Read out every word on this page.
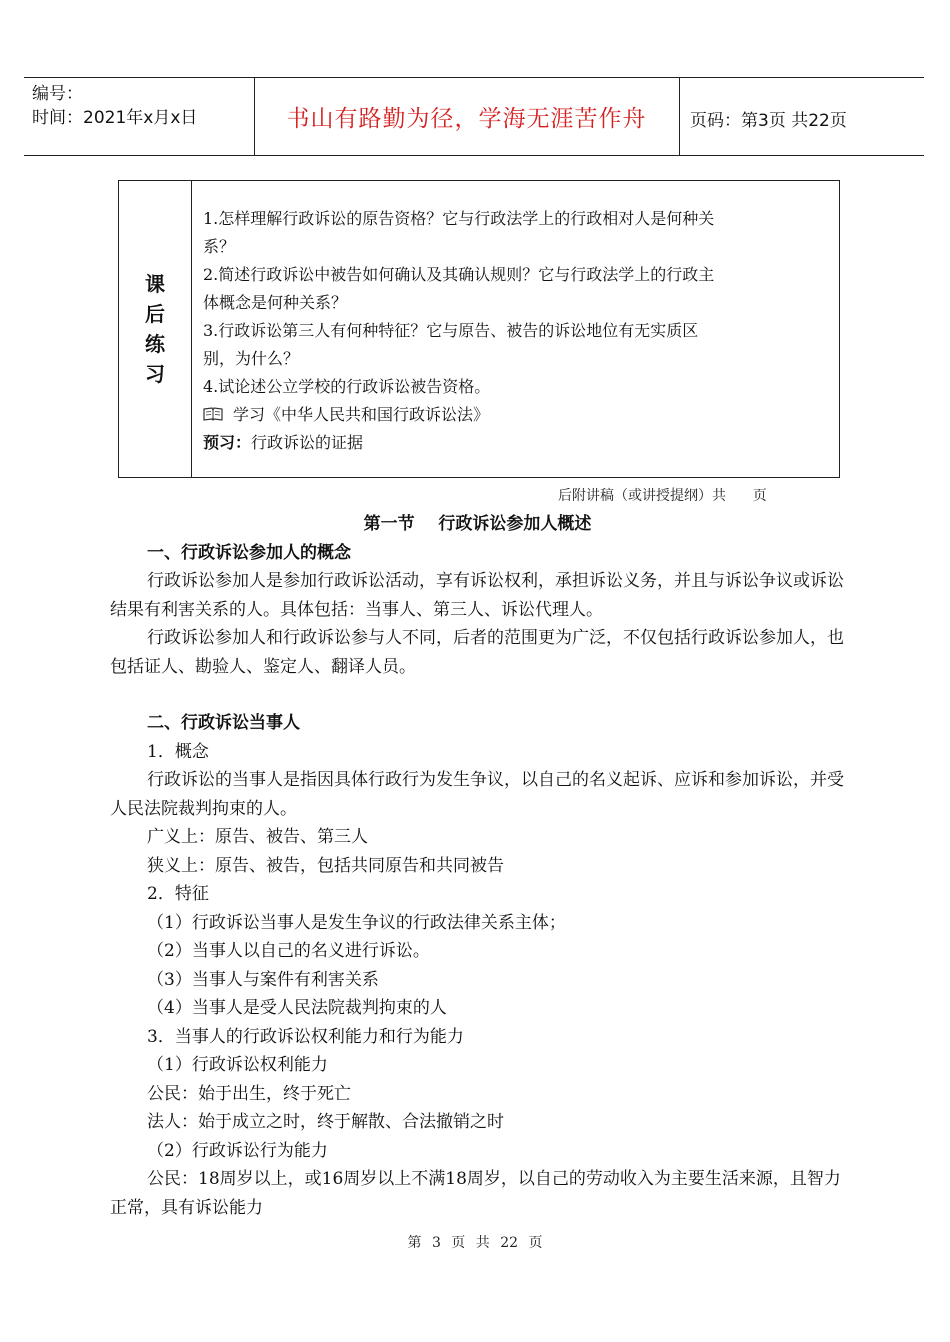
编号：
时间：2021年x月x日	书山有路勤为径，学海无涯苦作舟	页码：第3页 共22页
课
后
练
习

1.怎样理解行政诉讼的原告资格？它与行政法学上的行政相对人是何种关

系？

2.简述行政诉讼中被告如何确认及其确认规则？它与行政法学上的行政主

体概念是何种关系？

3.行政诉讼第三人有何种特征？它与原告、被告的诉讼地位有无实质区

别，为什么？

4.试论述公立学校的行政诉讼被告资格。

学习《中华人民共和国行政诉讼法》

预习：行政诉讼的证据

后附讲稿（或讲授提纲）共      页

第一节    行政诉讼参加人概述

一、行政诉讼参加人的概念

行政诉讼参加人是参加行政诉讼活动，享有诉讼权利，承担诉讼义务，并且与诉讼争议或诉讼结果有利害关系的人。具体包括：当事人、第三人、诉讼代理人。

行政诉讼参加人和行政诉讼参与人不同，后者的范围更为广泛，不仅包括行政诉讼参加人，也包括证人、勘验人、鉴定人、翻译人员。

二、行政诉讼当事人

1．概念

行政诉讼的当事人是指因具体行政行为发生争议，以自己的名义起诉、应诉和参加诉讼，并受人民法院裁判拘束的人。

广义上：原告、被告、第三人

狭义上：原告、被告，包括共同原告和共同被告

2．特征

（1）行政诉讼当事人是发生争议的行政法律关系主体；

（2）当事人以自己的名义进行诉讼。

（3）当事人与案件有利害关系

（4）当事人是受人民法院裁判拘束的人

3．当事人的行政诉讼权利能力和行为能力

（1）行政诉讼权利能力

公民：始于出生，终于死亡

法人：始于成立之时，终于解散、合法撤销之时

（2）行政诉讼行为能力

公民：18周岁以上，或16周岁以上不满18周岁，以自己的劳动收入为主要生活来源，且智力正常，具有诉讼能力

第 3 页 共 22 页
